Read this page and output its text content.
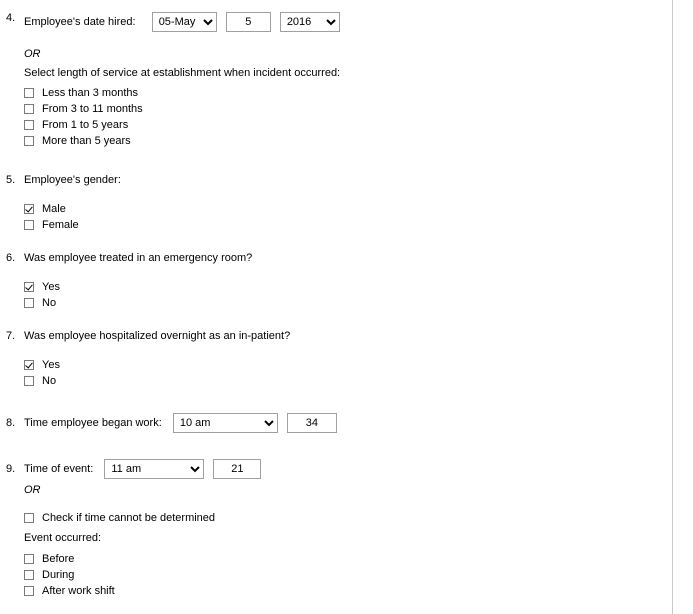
4. Employee's date hired:
05-May 5
2016
OR
Select length of service at establishment when incident occurred:
Less than 3 months
From 3 to 11 months
From 1 to 5 years
More than 5 years
5. Employee's gender:
Male
Female
6. Was employee treated in an emergency room?
Yes
No
7. Was employee hospitalized overnight as an in-patient?
Yes
No
8. Time employee began work:
10 am 34
9. Time of event:
11 am 21
OR
Check if time cannot be determined
Event occurred:
Before
During
After work shift
